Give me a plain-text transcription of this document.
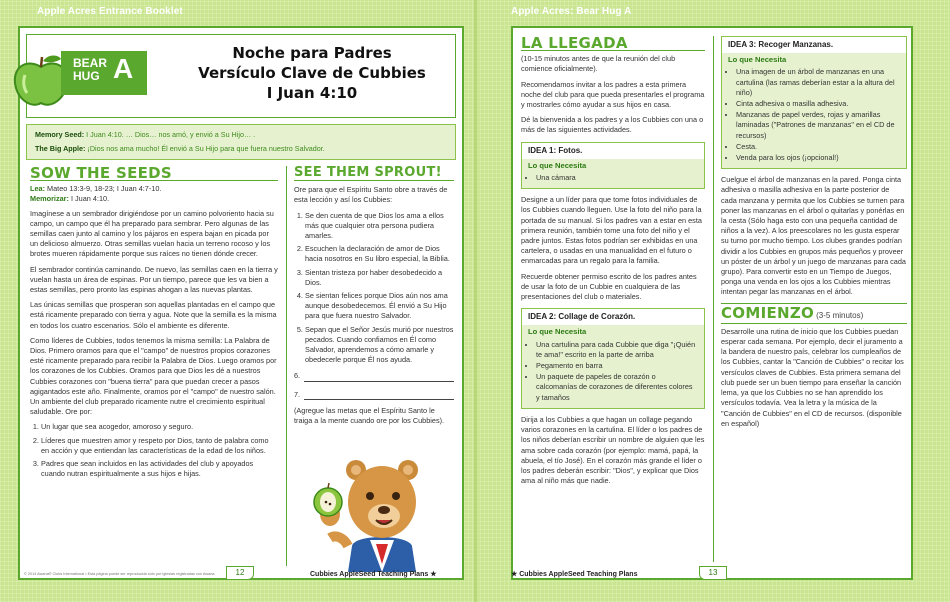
Apple Acres Entrance Booklet
BEAR
HUG A	Noche para Padres
Versículo Clave de Cubbies
I Juan 4:10
Memory Seed: I Juan 4:10. … Dios… nos amó, y envió a Su Hijo… .
The Big Apple: ¡Dios nos ama mucho! Él envió a Su Hijo para que fuera nuestro Salvador.
SOW THE SEEDS
Lea: Mateo 13:3-9, 18-23; I Juan 4:7-10.
Memorizar: I Juan 4:10.

Imagínese a un sembrador dirigiéndose por un camino polvoriento hacia su campo, un campo que él ha preparado para sembrar. Pero algunas de las semillas caen junto al camino y los pájaros en espera bajan en picada por un delicioso almuerzo. Otras semillas vuelan hacia un terreno rocoso y los brotes mueren rápidamente porque sus raíces no tienen dónde crecer.

El sembrador continúa caminando. De nuevo, las semillas caen en la tierra y vuelan hasta un área de espinas. Por un tiempo, parece que les va bien a estas semillas, pero pronto las espinas ahogan a las nuevas plantas.

Las únicas semillas que prosperan son aquellas plantadas en el campo que está ricamente preparado con tierra y agua. Note que la semilla es la misma en todos los cuatro escenarios. Sólo el ambiente es diferente.

Como líderes de Cubbies, todos tenemos la misma semilla: La Palabra de Dios. Primero oramos para que el "campo" de nuestros propios corazones esté ricamente preparado para recibir la Palabra de Dios. Luego oramos por los corazones de los Cubbies. Oramos para que Dios les dé a nuestros Cubbies corazones con "buena tierra" para que puedan crecer a pasos agigantados este año. Finalmente, oramos por el "campo" de nuestro salón. Un ambiente del club preparado ricamente nutre el crecimiento espiritual saludable. Ore por:

1. Un lugar que sea acogedor, amoroso y seguro.
2. Líderes que muestren amor y respeto por Dios, tanto de palabra como en acción y que entiendan las características de la edad de los niños.
3. Padres que sean incluidos en las actividades del club y apoyados cuando nutran espiritualmente a sus hijos e hijas.
SEE THEM SPROUT!

Ore para que el Espíritu Santo obre a través de esta lección y así los Cubbies:

1. Se den cuenta de que Dios los ama a ellos más que cualquier otra persona pudiera amarles.
2. Escuchen la declaración de amor de Dios hacia nosotros en Su libro especial, la Biblia.
3. Sientan tristeza por haber desobedecido a Dios.
4. Se sientan felices porque Dios aún nos ama aunque desobedecemos. Él envió a Su Hijo para que fuera nuestro Salvador.
5. Sepan que el Señor Jesús murió por nuestros pecados. Cuando confiamos en Él como Salvador, aprendemos a cómo amarle y obedecerle porque Él nos ayuda.
6.
7.

(Agregue las metas que el Espíritu Santo le traiga a la mente cuando ore por los Cubbies).

© 2014 Awana® Clubs International • Esta página puede ser reproducida sólo por iglesias registradas con Awana.	12	Cubbies AppleSeed Teaching Plans ★
Apple Acres: Bear Hug A
LA LLEGADA

(10-15 minutos antes de que la reunión del club comience oficialmente).

Recomendamos invitar a los padres a esta primera noche del club para que pueda presentarles el programa y mostrarles cómo ayudar a sus hijos en casa.

Dé la bienvenida a los padres y a los Cubbies con una o más de las siguientes actividades.

IDEA 1: Fotos.
Lo que Necesita
• Una cámara

Designe a un líder para que tome fotos individuales de los Cubbies cuando lleguen. Use la foto del niño para la portada de su manual. Si los padres van a estar en esta primera reunión, también tome una foto del niño y el padre juntos. Estas fotos podrían ser exhibidas en una cartelera, o usadas en una manualidad en el futuro o enmarcadas para un regalo para la familia.

Recuerde obtener permiso escrito de los padres antes de usar la foto de un Cubbie en cualquiera de las presentaciones del club o materiales.

IDEA 2: Collage de Corazón.
Lo que Necesita
• Una cartulina para cada Cubbie que diga "¡Quién te ama!" escrito en la parte de arriba
• Pegamento en barra
• Un paquete de papeles de corazón o calcomanías de corazones de diferentes colores y tamaños

Dirija a los Cubbies a que hagan un collage pegando varios corazones en la cartulina. El líder o los padres de los niños deberían escribir un nombre de alguien que les ama sobre cada corazón (por ejemplo: mamá, papá, la abuela, el tío José). En el corazón más grande el líder o los padres deberán escribir: "Dios", y explicar que Dios ama al niño más que nadie.

IDEA 3: Recoger Manzanas.
Lo que Necesita
• Una imagen de un árbol de manzanas en una cartulina (las ramas deberían estar a la altura del niño)
• Cinta adhesiva o masilla adhesiva.
• Manzanas de papel verdes, rojas y amarillas laminadas ("Patrones de manzanas" en el CD de recursos)
• Cesta.
• Venda para los ojos (¡opcional!)

Cuelgue el árbol de manzanas en la pared. Ponga cinta adhesiva o masilla adhesiva en la parte posterior de cada manzana y permita que los Cubbies se turnen para poner las manzanas en el árbol o quitarlas y ponérlas en la cesta (Sólo haga esto con una pequeña cantidad de niños a la vez). A los preescolares no les gusta esperar su turno por mucho tiempo. Los clubes grandes podrían dividir a los Cubbies en grupos más pequeños y proveer un póster de un árbol y un juego de manzanas para cada grupo). Para convertir esto en un Tiempo de Juegos, ponga una venda en los ojos a los Cubbies mientras intentan pegar las manzanas en el árbol.

COMIENZO (3-5 minutos)

Desarrolle una rutina de inicio que los Cubbies puedan esperar cada semana. Por ejemplo, decir el juramento a la bandera de nuestro país, celebrar los cumpleaños de los Cubbies, cantar la "Canción de Cubbies" o recitar los versículos claves de Cubbies. Esta primera semana del club puede ser un buen tiempo para enseñar la canción lema, ya que los Cubbies no se han aprendido los versículos todavía. Vea la letra y la música de la "Canción de Cubbies" en el CD de recursos. (disponible en español)

★ Cubbies AppleSeed Teaching Plans	13
